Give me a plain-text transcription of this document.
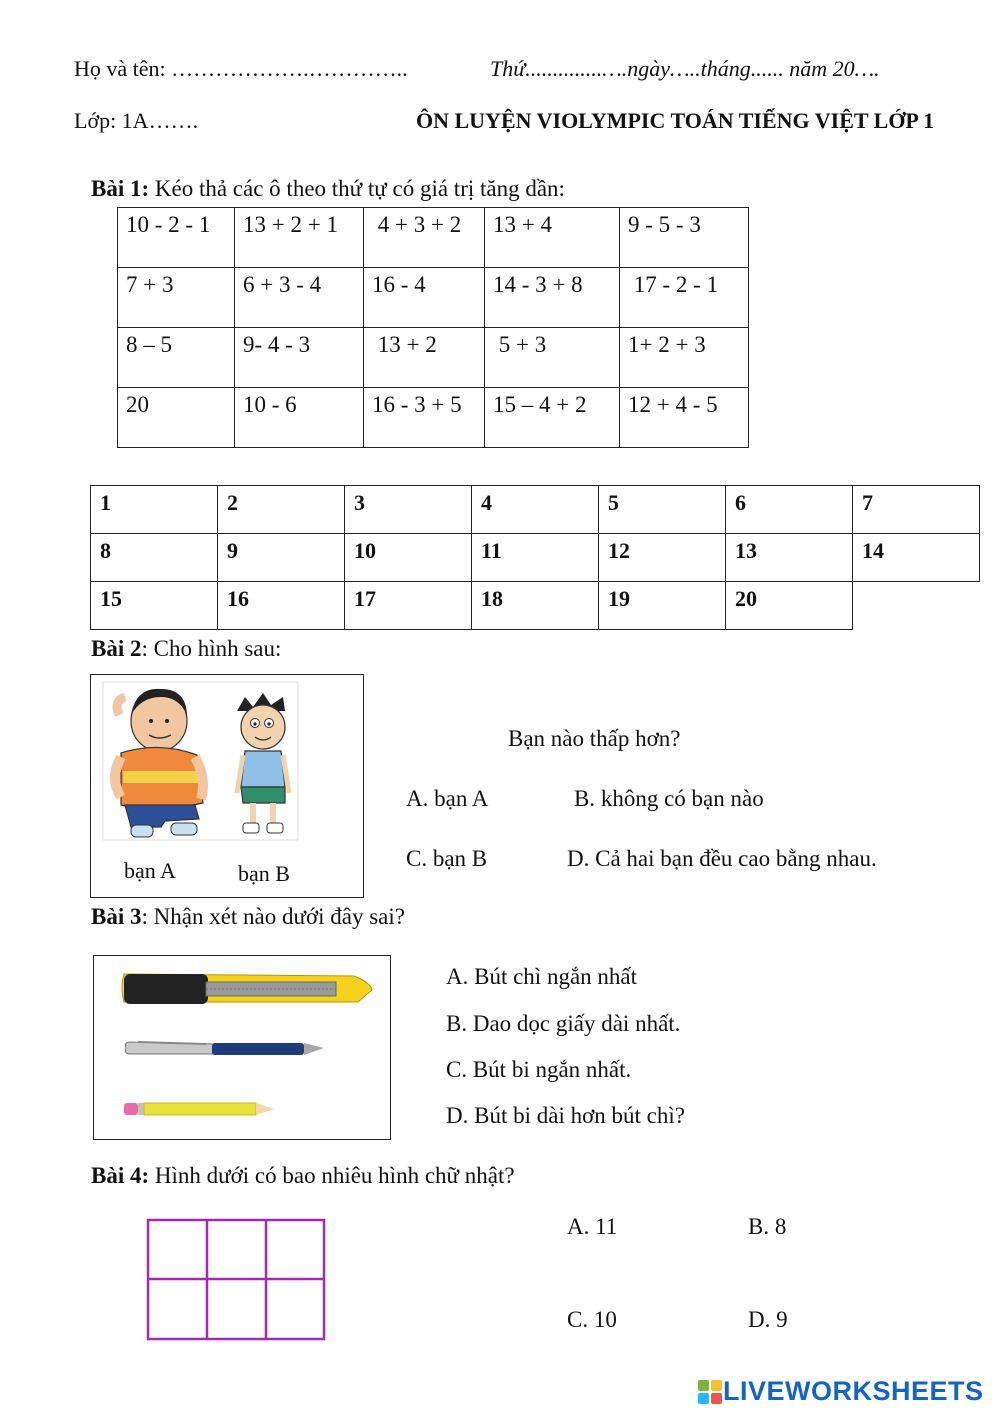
Họ và tên: ……………….…………..	Thứ..............….ngày…..tháng...... năm 20….
Lớp: 1A…….	ÔN LUYỆN VIOLYMPIC TOÁN TIẾNG VIỆT LỚP 1
Bài 1: Kéo thả các ô theo thứ tự có giá trị tăng dần:
10 - 2 - 1	13 + 2 + 1	4 + 3 + 2	13 + 4	9 - 5 - 3
7 + 3	6 + 3 - 4	16 - 4	14 - 3 + 8	17 - 2 - 1
8 – 5	9- 4 - 3	13 + 2	5 + 3	1+ 2 + 3
20	10 - 6	16 - 3 + 5	15 – 4 + 2	12 + 4 - 5
1	2	3	4	5	6	7
8	9	10	11	12	13	14
15	16	17	18	19	20	
Bài 2: Cho hình sau:
bạn A	bạn B
Bạn nào thấp hơn?
A. bạn A	B. không có bạn nào
C. bạn B	D. Cả hai bạn đều cao bằng nhau.
Bài 3: Nhận xét nào dưới đây sai?
A. Bút chì ngắn nhất
B. Dao dọc giấy dài nhất.
C. Bút bi ngắn nhất.
D. Bút bi dài hơn bút chì?
Bài 4: Hình dưới có bao nhiêu hình chữ nhật?
A. 11	B. 8
C. 10	D. 9
LIVEWORKSHEETS
